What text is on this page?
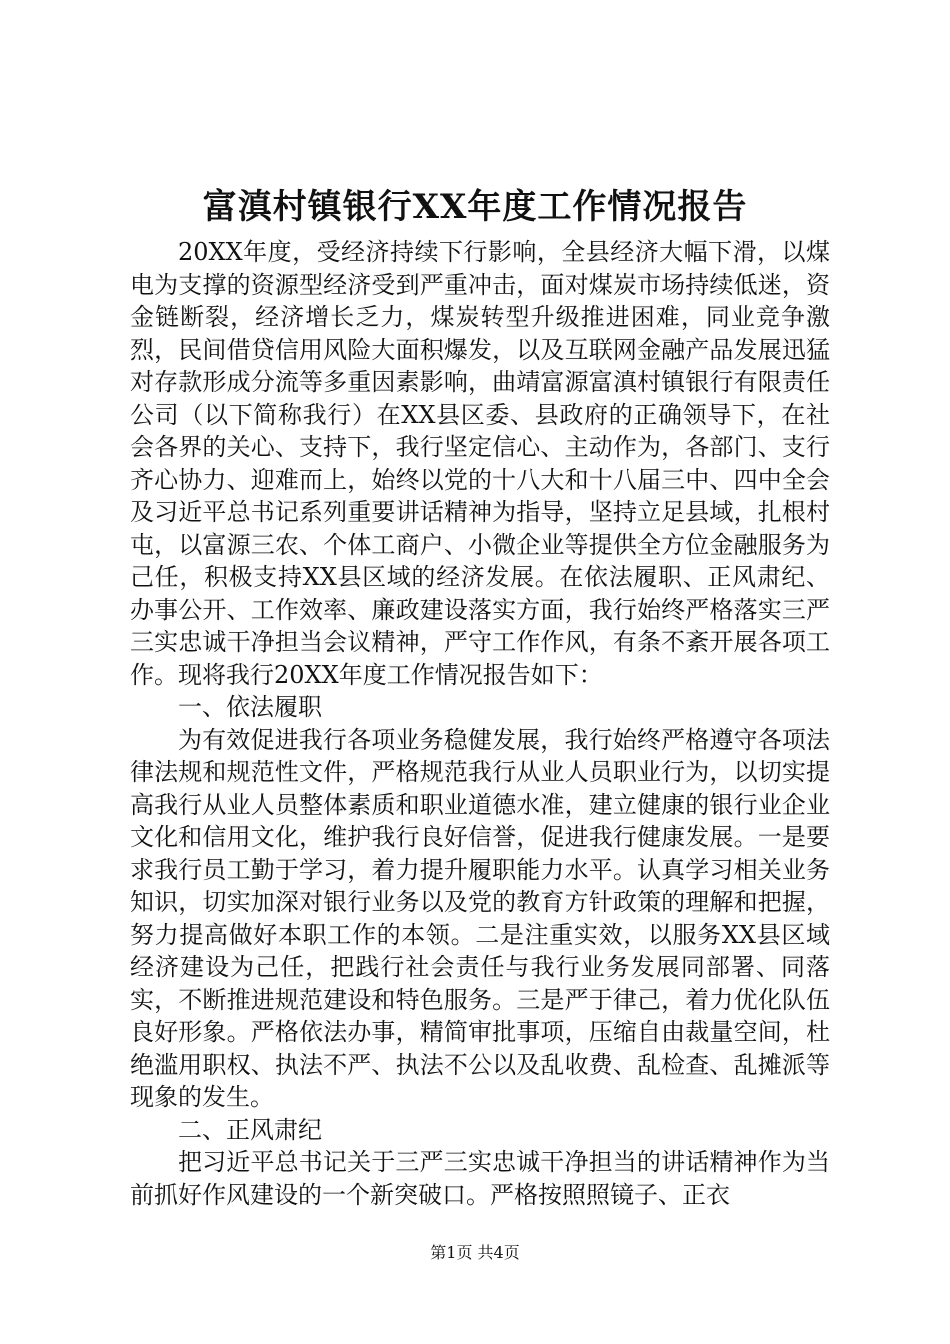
富滇村镇银行XX年度工作情况报告

20XX年度，受经济持续下行影响，全县经济大幅下滑，以煤电为支撑的资源型经济受到严重冲击，面对煤炭市场持续低迷，资金链断裂，经济增长乏力，煤炭转型升级推进困难，同业竞争激烈，民间借贷信用风险大面积爆发，以及互联网金融产品发展迅猛对存款形成分流等多重因素影响，曲靖富源富滇村镇银行有限责任公司（以下简称我行）在XX县区委、县政府的正确领导下，在社会各界的关心、支持下，我行坚定信心、主动作为，各部门、支行齐心协力、迎难而上，始终以党的十八大和十八届三中、四中全会及习近平总书记系列重要讲话精神为指导，坚持立足县域，扎根村屯，以富源三农、个体工商户、小微企业等提供全方位金融服务为己任，积极支持XX县区域的经济发展。在依法履职、正风肃纪、办事公开、工作效率、廉政建设落实方面，我行始终严格落实三严三实忠诚干净担当会议精神，严守工作作风，有条不紊开展各项工作。现将我行20XX年度工作情况报告如下：

一、依法履职

为有效促进我行各项业务稳健发展，我行始终严格遵守各项法律法规和规范性文件，严格规范我行从业人员职业行为，以切实提高我行从业人员整体素质和职业道德水准，建立健康的银行业企业文化和信用文化，维护我行良好信誉，促进我行健康发展。一是要求我行员工勤于学习，着力提升履职能力水平。认真学习相关业务知识，切实加深对银行业务以及党的教育方针政策的理解和把握，努力提高做好本职工作的本领。二是注重实效，以服务XX县区域经济建设为己任，把践行社会责任与我行业务发展同部署、同落实，不断推进规范建设和特色服务。三是严于律己，着力优化队伍良好形象。严格依法办事，精简审批事项，压缩自由裁量空间，杜绝滥用职权、执法不严、执法不公以及乱收费、乱检查、乱摊派等现象的发生。

二、正风肃纪

把习近平总书记关于三严三实忠诚干净担当的讲话精神作为当前抓好作风建设的一个新突破口。严格按照照镜子、正衣

第1页 共4页
